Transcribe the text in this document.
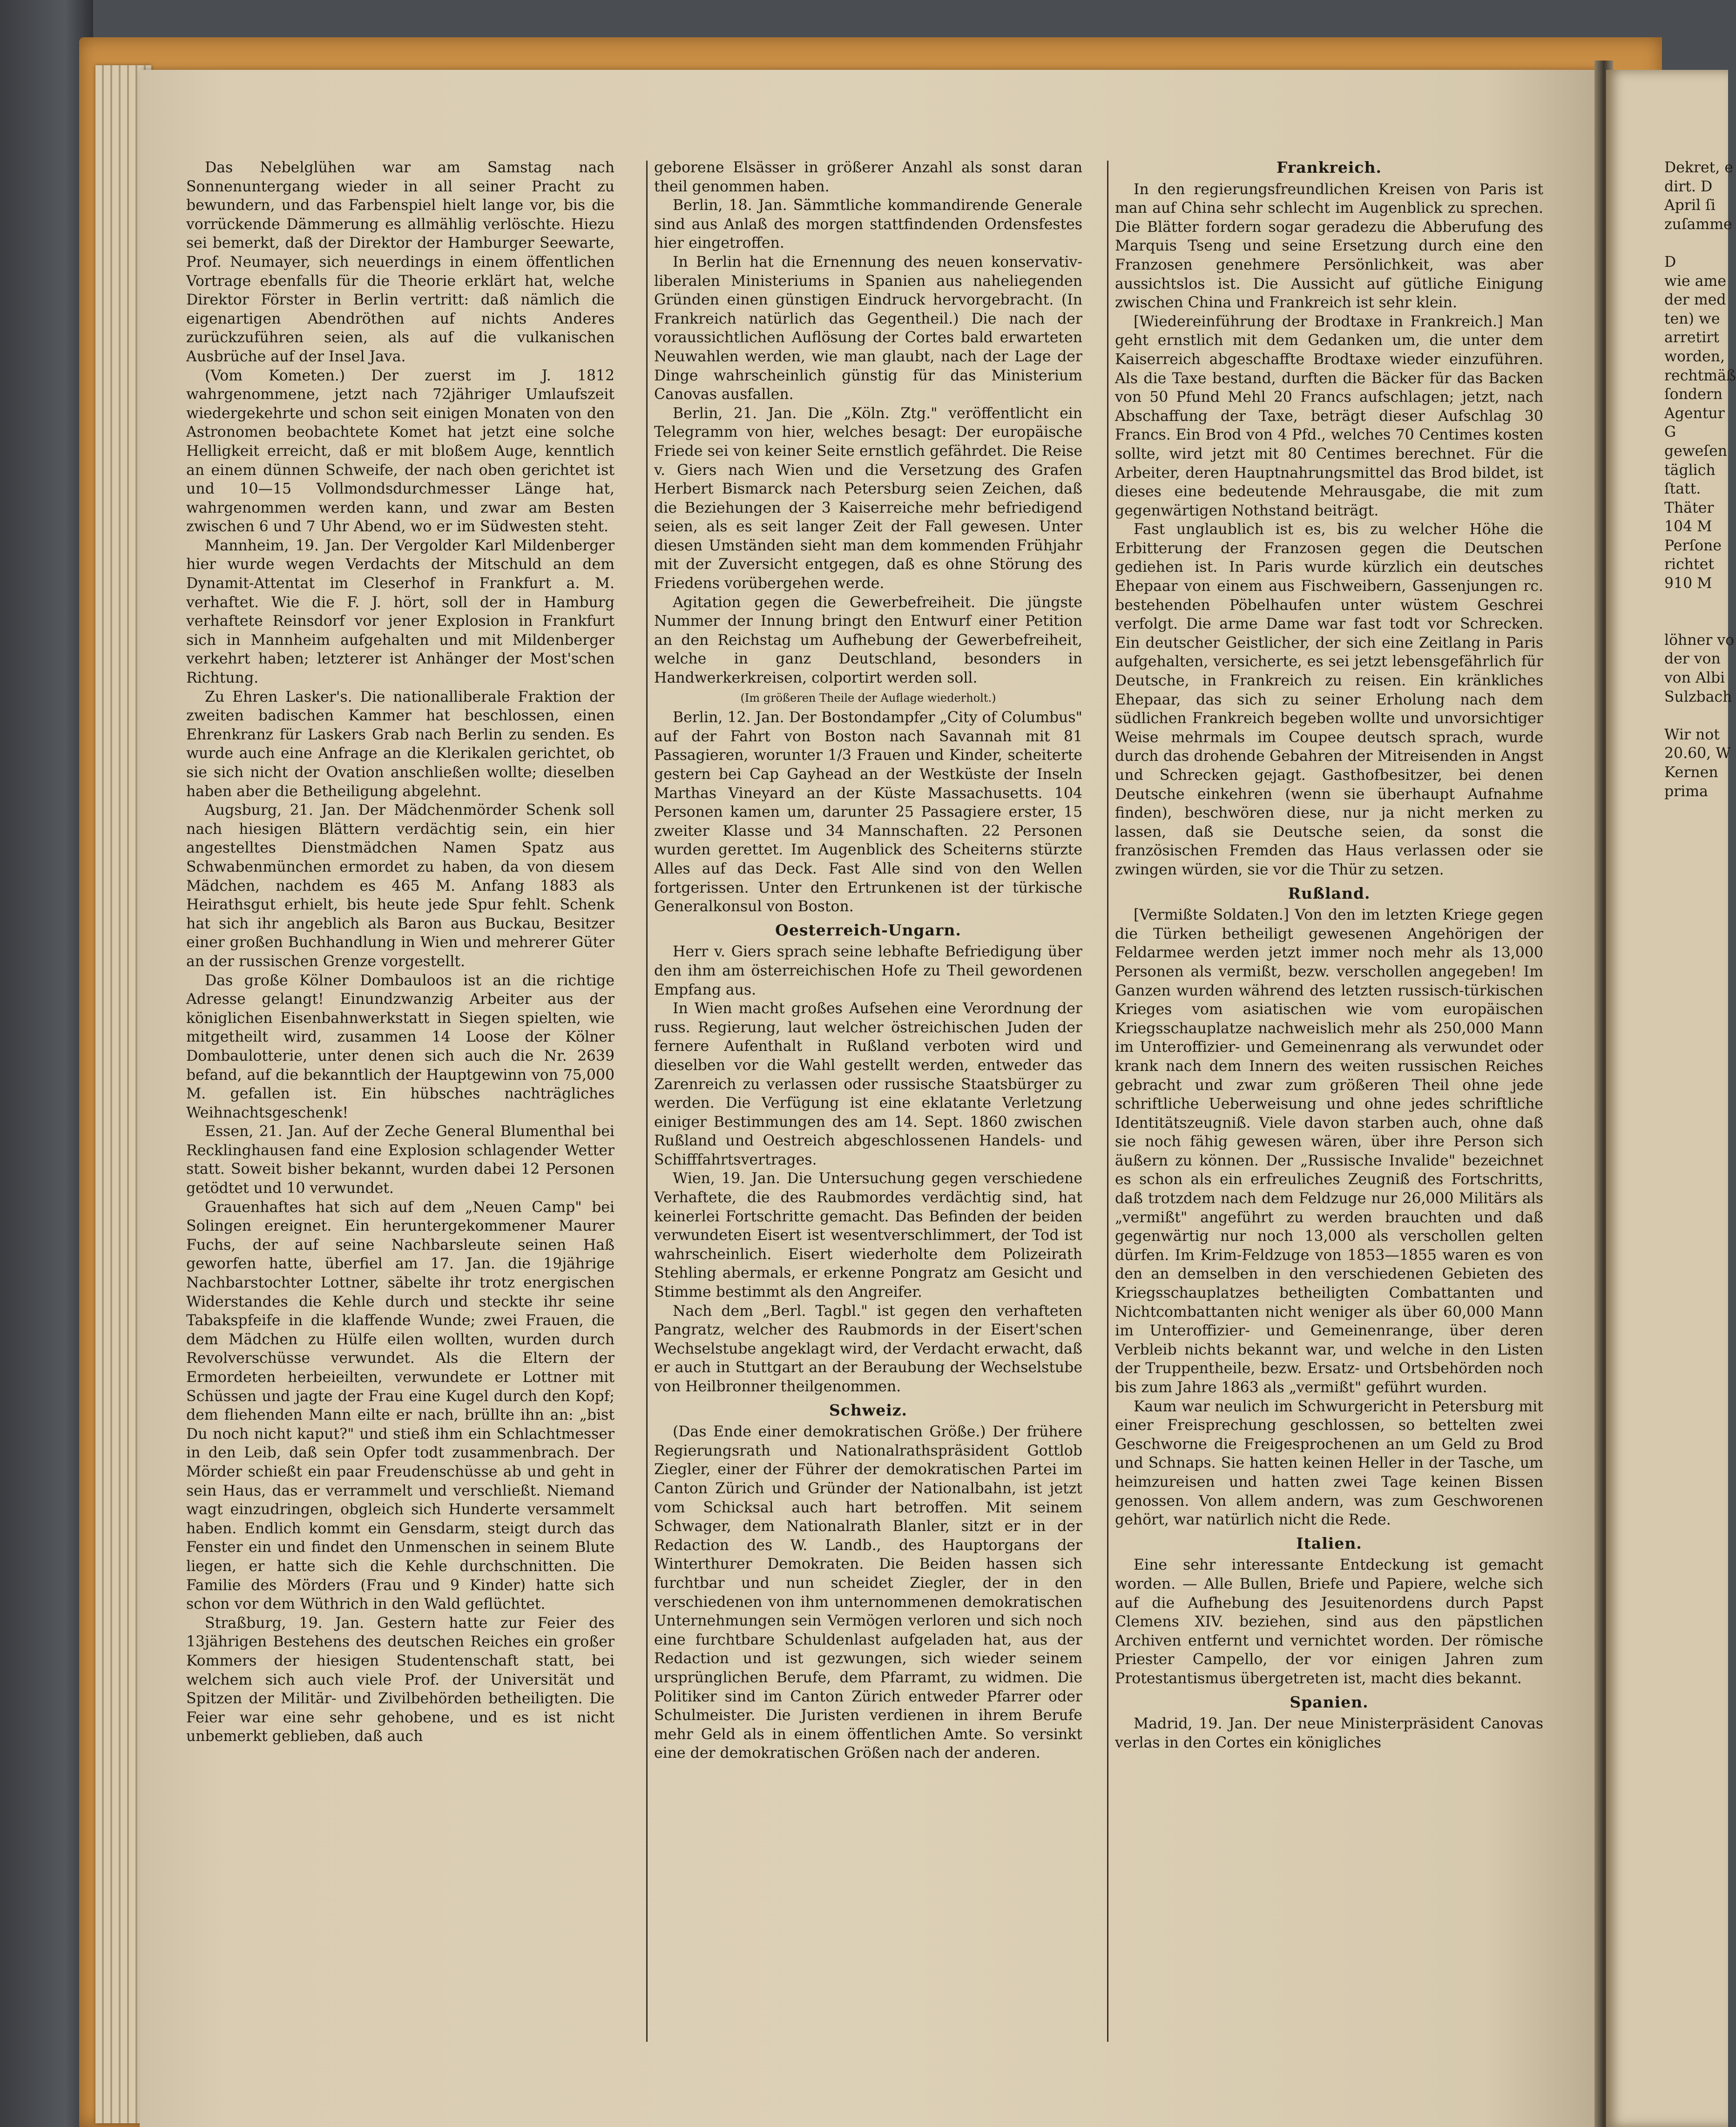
Das Nebelglühen war am Samstag nach Sonnenuntergang wieder in all seiner Pracht zu bewundern, und das Farbenspiel hielt lange vor, bis die vorrückende Dämmerung es allmählig verlöschte. Hiezu sei bemerkt, daß der Direktor der Hamburger Seewarte, Prof. Neumayer, sich neuerdings in einem öffentlichen Vortrage ebenfalls für die Theorie erklärt hat, welche Direktor Förster in Berlin vertritt: daß nämlich die eigenartigen Abendröthen auf nichts Anderes zurückzuführen seien, als auf die vulkanischen Ausbrüche auf der Insel Java.

(Vom Kometen.) Der zuerst im J. 1812 wahrgenommene, jetzt nach 72jähriger Umlaufszeit wiedergekehrte und schon seit einigen Monaten von den Astronomen beobachtete Komet hat jetzt eine solche Helligkeit erreicht, daß er mit bloßem Auge, kenntlich an einem dünnen Schweife, der nach oben gerichtet ist und 10—15 Vollmondsdurchmesser Länge hat, wahrgenommen werden kann, und zwar am Besten zwischen 6 und 7 Uhr Abend, wo er im Südwesten steht.

Mannheim, 19. Jan. Der Vergolder Karl Mildenberger hier wurde wegen Verdachts der Mitschuld an dem Dynamit-Attentat im Cleserhof in Frankfurt a. M. verhaftet. Wie die F. J. hört, soll der in Hamburg verhaftete Reinsdorf vor jener Explosion in Frankfurt sich in Mannheim aufgehalten und mit Mildenberger verkehrt haben; letzterer ist Anhänger der Most'schen Richtung.

Zu Ehren Lasker's. Die nationalliberale Fraktion der zweiten badischen Kammer hat beschlossen, einen Ehrenkranz für Laskers Grab nach Berlin zu senden. Es wurde auch eine Anfrage an die Klerikalen gerichtet, ob sie sich nicht der Ovation anschließen wollte; dieselben haben aber die Betheiligung abgelehnt.

Augsburg, 21. Jan. Der Mädchenmörder Schenk soll nach hiesigen Blättern verdächtig sein, ein hier angestelltes Dienstmädchen Namen Spatz aus Schwabenmünchen ermordet zu haben, da von diesem Mädchen, nachdem es 465 M. Anfang 1883 als Heirathsgut erhielt, bis heute jede Spur fehlt. Schenk hat sich ihr angeblich als Baron aus Buckau, Besitzer einer großen Buchhandlung in Wien und mehrerer Güter an der russischen Grenze vorgestellt.

Das große Kölner Dombauloos ist an die richtige Adresse gelangt! Einundzwanzig Arbeiter aus der königlichen Eisenbahnwerkstatt in Siegen spielten, wie mitgetheilt wird, zusammen 14 Loose der Kölner Dombaulotterie, unter denen sich auch die Nr. 2639 befand, auf die bekanntlich der Hauptgewinn von 75,000 M. gefallen ist. Ein hübsches nachträgliches Weihnachtsgeschenk!

Essen, 21. Jan. Auf der Zeche General Blumenthal bei Recklinghausen fand eine Explosion schlagender Wetter statt. Soweit bisher bekannt, wurden dabei 12 Personen getödtet und 10 verwundet.

Grauenhaftes hat sich auf dem „Neuen Camp" bei Solingen ereignet. Ein heruntergekommener Maurer Fuchs, der auf seine Nachbarsleute seinen Haß geworfen hatte, überfiel am 17. Jan. die 19jährige Nachbarstochter Lottner, säbelte ihr trotz energischen Widerstandes die Kehle durch und steckte ihr seine Tabakspfeife in die klaffende Wunde; zwei Frauen, die dem Mädchen zu Hülfe eilen wollten, wurden durch Revolverschüsse verwundet. Als die Eltern der Ermordeten herbeieilten, verwundete er Lottner mit Schüssen und jagte der Frau eine Kugel durch den Kopf; dem fliehenden Mann eilte er nach, brüllte ihn an: „bist Du noch nicht kaput?" und stieß ihm ein Schlachtmesser in den Leib, daß sein Opfer todt zusammenbrach. Der Mörder schießt ein paar Freudenschüsse ab und geht in sein Haus, das er verrammelt und verschließt. Niemand wagt einzudringen, obgleich sich Hunderte versammelt haben. Endlich kommt ein Gensdarm, steigt durch das Fenster ein und findet den Unmenschen in seinem Blute liegen, er hatte sich die Kehle durchschnitten. Die Familie des Mörders (Frau und 9 Kinder) hatte sich schon vor dem Wüthrich in den Wald geflüchtet.

Straßburg, 19. Jan. Gestern hatte zur Feier des 13jährigen Bestehens des deutschen Reiches ein großer Kommers der hiesigen Studentenschaft statt, bei welchem sich auch viele Prof. der Universität und Spitzen der Militär- und Zivilbehörden betheiligten. Die Feier war eine sehr gehobene, und es ist nicht unbemerkt geblieben, daß auch

geborene Elsässer in größerer Anzahl als sonst daran theil genommen haben.

Berlin, 18. Jan. Sämmtliche kommandirende Generale sind aus Anlaß des morgen stattfindenden Ordensfestes hier eingetroffen.

In Berlin hat die Ernennung des neuen konservativ-liberalen Ministeriums in Spanien aus naheliegenden Gründen einen günstigen Eindruck hervorgebracht. (In Frankreich natürlich das Gegentheil.) Die nach der voraussichtlichen Auflösung der Cortes bald erwarteten Neuwahlen werden, wie man glaubt, nach der Lage der Dinge wahrscheinlich günstig für das Ministerium Canovas ausfallen.

Berlin, 21. Jan. Die „Köln. Ztg." veröffentlicht ein Telegramm von hier, welches besagt: Der europäische Friede sei von keiner Seite ernstlich gefährdet. Die Reise v. Giers nach Wien und die Versetzung des Grafen Herbert Bismarck nach Petersburg seien Zeichen, daß die Beziehungen der 3 Kaiserreiche mehr befriedigend seien, als es seit langer Zeit der Fall gewesen. Unter diesen Umständen sieht man dem kommenden Frühjahr mit der Zuversicht entgegen, daß es ohne Störung des Friedens vorübergehen werde.

Agitation gegen die Gewerbefreiheit. Die jüngste Nummer der Innung bringt den Entwurf einer Petition an den Reichstag um Aufhebung der Gewerbefreiheit, welche in ganz Deutschland, besonders in Handwerkerkreisen, colportirt werden soll.

(Im größeren Theile der Auflage wiederholt.)

Berlin, 12. Jan. Der Bostondampfer „City of Columbus" auf der Fahrt von Boston nach Savannah mit 81 Passagieren, worunter 1/3 Frauen und Kinder, scheiterte gestern bei Cap Gayhead an der Westküste der Inseln Marthas Vineyard an der Küste Massachusetts. 104 Personen kamen um, darunter 25 Passagiere erster, 15 zweiter Klasse und 34 Mannschaften. 22 Personen wurden gerettet. Im Augenblick des Scheiterns stürzte Alles auf das Deck. Fast Alle sind von den Wellen fortgerissen. Unter den Ertrunkenen ist der türkische Generalkonsul von Boston.

Oesterreich-Ungarn.

Herr v. Giers sprach seine lebhafte Befriedigung über den ihm am österreichischen Hofe zu Theil gewordenen Empfang aus.

In Wien macht großes Aufsehen eine Verordnung der russ. Regierung, laut welcher östreichischen Juden der fernere Aufenthalt in Rußland verboten wird und dieselben vor die Wahl gestellt werden, entweder das Zarenreich zu verlassen oder russische Staatsbürger zu werden. Die Verfügung ist eine eklatante Verletzung einiger Bestimmungen des am 14. Sept. 1860 zwischen Rußland und Oestreich abgeschlossenen Handels- und Schifffahrtsvertrages.

Wien, 19. Jan. Die Untersuchung gegen verschiedene Verhaftete, die des Raubmordes verdächtig sind, hat keinerlei Fortschritte gemacht. Das Befinden der beiden verwundeten Eisert ist wesentverschlimmert, der Tod ist wahrscheinlich. Eisert wiederholte dem Polizeirath Stehling abermals, er erkenne Pongratz am Gesicht und Stimme bestimmt als den Angreifer.

Nach dem „Berl. Tagbl." ist gegen den verhafteten Pangratz, welcher des Raubmords in der Eisert'schen Wechselstube angeklagt wird, der Verdacht erwacht, daß er auch in Stuttgart an der Beraubung der Wechselstube von Heilbronner theilgenommen.

Schweiz.

(Das Ende einer demokratischen Größe.) Der frühere Regierungsrath und Nationalrathspräsident Gottlob Ziegler, einer der Führer der demokratischen Partei im Canton Zürich und Gründer der Nationalbahn, ist jetzt vom Schicksal auch hart betroffen. Mit seinem Schwager, dem Nationalrath Blanler, sitzt er in der Redaction des W. Landb., des Hauptorgans der Winterthurer Demokraten. Die Beiden hassen sich furchtbar und nun scheidet Ziegler, der in den verschiedenen von ihm unternommenen demokratischen Unternehmungen sein Vermögen verloren und sich noch eine furchtbare Schuldenlast aufgeladen hat, aus der Redaction und ist gezwungen, sich wieder seinem ursprünglichen Berufe, dem Pfarramt, zu widmen. Die Politiker sind im Canton Zürich entweder Pfarrer oder Schulmeister. Die Juristen verdienen in ihrem Berufe mehr Geld als in einem öffentlichen Amte. So versinkt eine der demokratischen Größen nach der anderen.

Frankreich.

In den regierungsfreundlichen Kreisen von Paris ist man auf China sehr schlecht im Augenblick zu sprechen. Die Blätter fordern sogar geradezu die Abberufung des Marquis Tseng und seine Ersetzung durch eine den Franzosen genehmere Persönlichkeit, was aber aussichtslos ist. Die Aussicht auf gütliche Einigung zwischen China und Frankreich ist sehr klein.

[Wiedereinführung der Brodtaxe in Frankreich.] Man geht ernstlich mit dem Gedanken um, die unter dem Kaiserreich abgeschaffte Brodtaxe wieder einzuführen. Als die Taxe bestand, durften die Bäcker für das Backen von 50 Pfund Mehl 20 Francs aufschlagen; jetzt, nach Abschaffung der Taxe, beträgt dieser Aufschlag 30 Francs. Ein Brod von 4 Pfd., welches 70 Centimes kosten sollte, wird jetzt mit 80 Centimes berechnet. Für die Arbeiter, deren Hauptnahrungsmittel das Brod bildet, ist dieses eine bedeutende Mehrausgabe, die mit zum gegenwärtigen Nothstand beiträgt.

Fast unglaublich ist es, bis zu welcher Höhe die Erbitterung der Franzosen gegen die Deutschen gediehen ist. In Paris wurde kürzlich ein deutsches Ehepaar von einem aus Fischweibern, Gassenjungen rc. bestehenden Pöbelhaufen unter wüstem Geschrei verfolgt. Die arme Dame war fast todt vor Schrecken. Ein deutscher Geistlicher, der sich eine Zeitlang in Paris aufgehalten, versicherte, es sei jetzt lebensgefährlich für Deutsche, in Frankreich zu reisen. Ein kränkliches Ehepaar, das sich zu seiner Erholung nach dem südlichen Frankreich begeben wollte und unvorsichtiger Weise mehrmals im Coupee deutsch sprach, wurde durch das drohende Gebahren der Mitreisenden in Angst und Schrecken gejagt. Gasthofbesitzer, bei denen Deutsche einkehren (wenn sie überhaupt Aufnahme finden), beschwören diese, nur ja nicht merken zu lassen, daß sie Deutsche seien, da sonst die französischen Fremden das Haus verlassen oder sie zwingen würden, sie vor die Thür zu setzen.

Rußland.

[Vermißte Soldaten.] Von den im letzten Kriege gegen die Türken betheiligt gewesenen Angehörigen der Feldarmee werden jetzt immer noch mehr als 13,000 Personen als vermißt, bezw. verschollen angegeben! Im Ganzen wurden während des letzten russisch-türkischen Krieges vom asiatischen wie vom europäischen Kriegsschauplatze nachweislich mehr als 250,000 Mann im Unteroffizier- und Gemeinenrang als verwundet oder krank nach dem Innern des weiten russischen Reiches gebracht und zwar zum größeren Theil ohne jede schriftliche Ueberweisung und ohne jedes schriftliche Identitätszeugniß. Viele davon starben auch, ohne daß sie noch fähig gewesen wären, über ihre Person sich äußern zu können. Der „Russische Invalide" bezeichnet es schon als ein erfreuliches Zeugniß des Fortschritts, daß trotzdem nach dem Feldzuge nur 26,000 Militärs als „vermißt" angeführt zu werden brauchten und daß gegenwärtig nur noch 13,000 als verschollen gelten dürfen. Im Krim-Feldzuge von 1853—1855 waren es von den an demselben in den verschiedenen Gebieten des Kriegsschauplatzes betheiligten Combattanten und Nichtcombattanten nicht weniger als über 60,000 Mann im Unteroffizier- und Gemeinenrange, über deren Verbleib nichts bekannt war, und welche in den Listen der Truppentheile, bezw. Ersatz- und Ortsbehörden noch bis zum Jahre 1863 als „vermißt" geführt wurden.

Kaum war neulich im Schwurgericht in Petersburg mit einer Freisprechung geschlossen, so bettelten zwei Geschworne die Freigesprochenen an um Geld zu Brod und Schnaps. Sie hatten keinen Heller in der Tasche, um heimzureisen und hatten zwei Tage keinen Bissen genossen. Von allem andern, was zum Geschworenen gehört, war natürlich nicht die Rede.

Italien.

Eine sehr interessante Entdeckung ist gemacht worden. — Alle Bullen, Briefe und Papiere, welche sich auf die Aufhebung des Jesuitenordens durch Papst Clemens XIV. beziehen, sind aus den päpstlichen Archiven entfernt und vernichtet worden. Der römische Priester Campello, der vor einigen Jahren zum Protestantismus übergetreten ist, macht dies bekannt.

Spanien.

Madrid, 19. Jan. Der neue Ministerpräsident Canovas verlas in den Cortes ein königliches

Dekret, e
dirt. D
April ſi
zuſamme
D
wie ame
der med
ten) we
arretirt
worden,
rechtmäß
ſondern
Agentur
G
geweſen
täglich
ſtatt.
Thäter
104 M
Perſone
richtet
910 M
löhner vo
der von
von Albi
Sulzbach
Wir not
20.60, W
Kernen
prima
